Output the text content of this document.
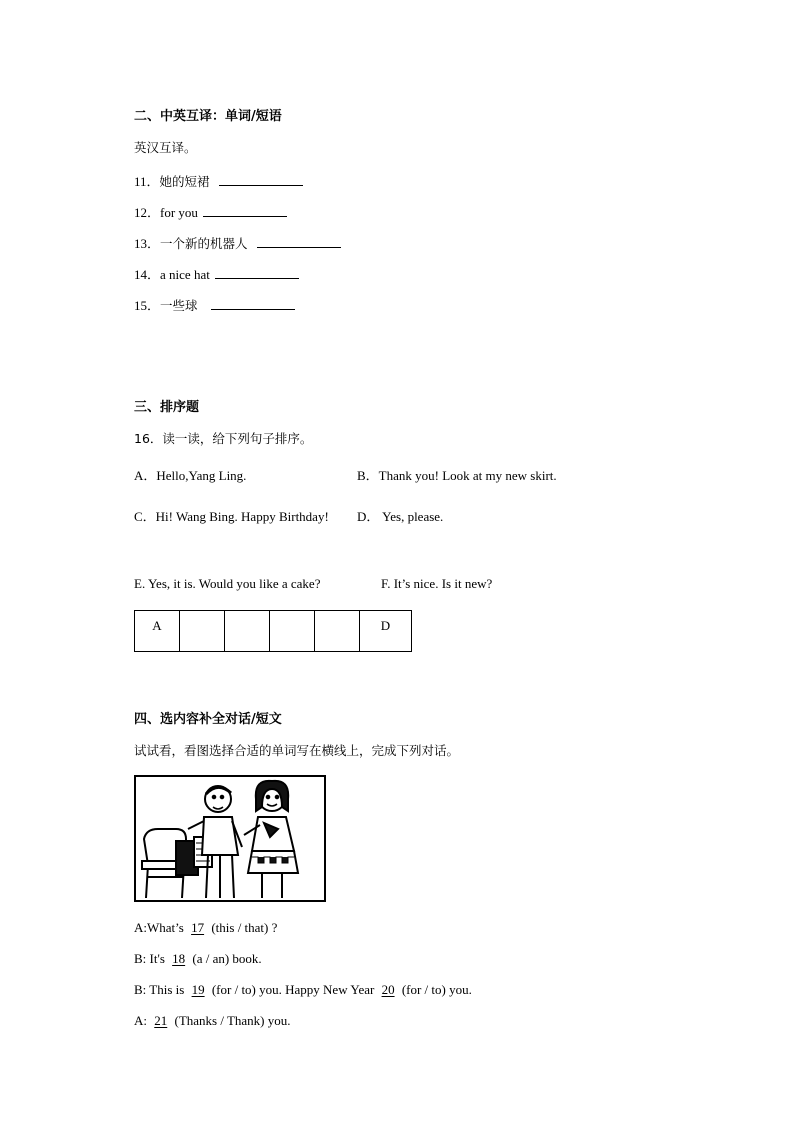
二、中英互译：单词/短语
英汉互译。
11．她的短裙
12．for you
13．一个新的机器人
14．a nice hat
15．一些球
三、排序题
16．读一读，给下列句子排序。
A．Hello,Yang Ling.	B．Thank you! Look at my new skirt.
C．Hi! Wang Bing. Happy Birthday! D． Yes, please.
E. Yes, it is. Would you like a cake?	F. It’s nice. Is it new?
A					D
四、选内容补全对话/短文
试试看，看图选择合适的单词写在横线上，完成下列对话。
A:What’s 17 (this / that) ?
B: It's 18 (a / an) book.
B: This is 19 (for / to) you. Happy New Year 20 (for / to) you.
A: 21 (Thanks / Thank) you.
